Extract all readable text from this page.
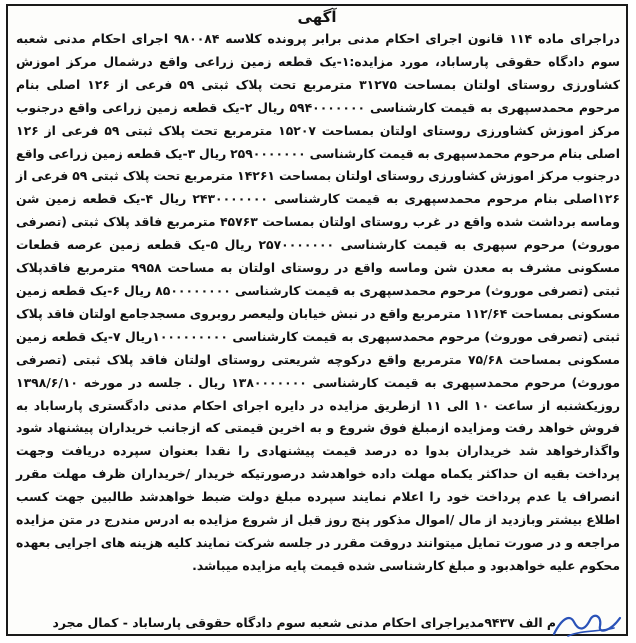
آگهی
دراجرای ماده ۱۱۴ قانون اجرای احکام مدنی برابر پرونده کلاسه ۹۸۰۰۸۴ اجرای احکام مدنی شعبه سوم دادگاه حقوقی پارساباد، مورد مزایده:۱-یک قطعه زمین زراعی واقع درشمال مرکز اموزش کشاورزی روستای اولتان بمساحت ۳۱۲۷۵ مترمربع تحت پلاک ثبتی ۵۹ فرعی از ۱۲۶ اصلی بنام مرحوم محمدسپهری به قیمت کارشناسی ۵۹۴۰۰۰۰۰۰۰ ریال ۲-یک قطعه زمین زراعی واقع درجنوب مرکز اموزش کشاورزی روستای اولتان بمساحت ۱۵۲۰۷ مترمربع تحت پلاک ثبتی ۵۹ فرعی از ۱۲۶ اصلی بنام مرحوم محمدسپهری به قیمت کارشناسی ۲۵۹۰۰۰۰۰۰۰ ریال ۳-یک قطعه زمین زراعی واقع درجنوب مرکز اموزش کشاورزی روستای اولتان بمساحت ۱۴۲۶۱ مترمربع تحت پلاک ثبتی ۵۹ فرعی از ۱۲۶اصلی بنام مرحوم محمدسپهری به قیمت کارشناسی ۲۴۳۰۰۰۰۰۰۰ ریال ۴-یک قطعه زمین شن وماسه برداشت شده واقع در غرب روستای اولتان بمساحت ۴۵۷۶۳ مترمربع فاقد پلاک ثبتی (تصرفی موروث) مرحوم سپهری به قیمت کارشناسی ۲۵۷۰۰۰۰۰۰۰ ریال ۵-یک قطعه زمین عرصه قطعات مسکونی مشرف به معدن شن وماسه واقع در روستای اولتان به مساحت ۹۹۵۸ مترمربع فاقدپلاک ثبتی (تصرفی موروث) مرحوم محمدسپهری به قیمت کارشناسی ۸۵۰۰۰۰۰۰۰۰ ریال ۶-یک قطعه زمین مسکونی بمساحت ۱۱۲/۶۴ مترمربع واقع در نبش خیابان ولیعصر روبروی مسجدجامع اولتان فاقد پلاک ثبتی (تصرفی موروث) مرحوم محمدسپهری به قیمت کارشناسی ۱۰۰۰۰۰۰۰۰۰ریال ۷-یک قطعه زمین مسکونی بمساحت ۷۵/۶۸ مترمربع واقع درکوچه شریعتی روستای اولتان فاقد پلاک ثبتی (تصرفی موروث) مرحوم محمدسپهری به قیمت کارشناسی ۱۳۸۰۰۰۰۰۰۰ ریال . جلسه در مورخه ۱۳۹۸/۶/۱۰ روزیکشنبه از ساعت ۱۰ الی ۱۱ ازطریق مزایده در دایره اجرای احکام مدنی دادگستری پارساباد به فروش خواهد رفت ومزایده ازمبلغ فوق شروع و به اخرین قیمتی که ازجانب خریداران پیشنهاد شود واگذارخواهد شد خریداران بدوا ده درصد قیمت پیشنهادی را نقدا بعنوان سپرده دریافت وجهت پرداخت بقیه ان حداکثر یکماه مهلت داده خواهدشد درصورتیکه خریدار /خریداران ظرف مهلت مقرر انصراف یا عدم پرداخت خود را اعلام نمایند سپرده مبلغ دولت ضبط خواهدشد طالبین جهت کسب اطلاع بیشتر وبازدید از مال /اموال مذکور پنج روز قبل از شروع مزایده به ادرس مندرج در متن مزایده مراجعه و در صورت تمایل میتوانند دروقت مقرر در جلسه شرکت نمایند کلیه هزینه های اجرایی بعهده محکوم علیه خواهدبود و مبلغ کارشناسی شده قیمت پایه مزایده میباشد.
م الف ۹۴۳۷مدیراجرای احکام مدنی شعبه سوم دادگاه حقوقی پارساباد - کمال مجرد
